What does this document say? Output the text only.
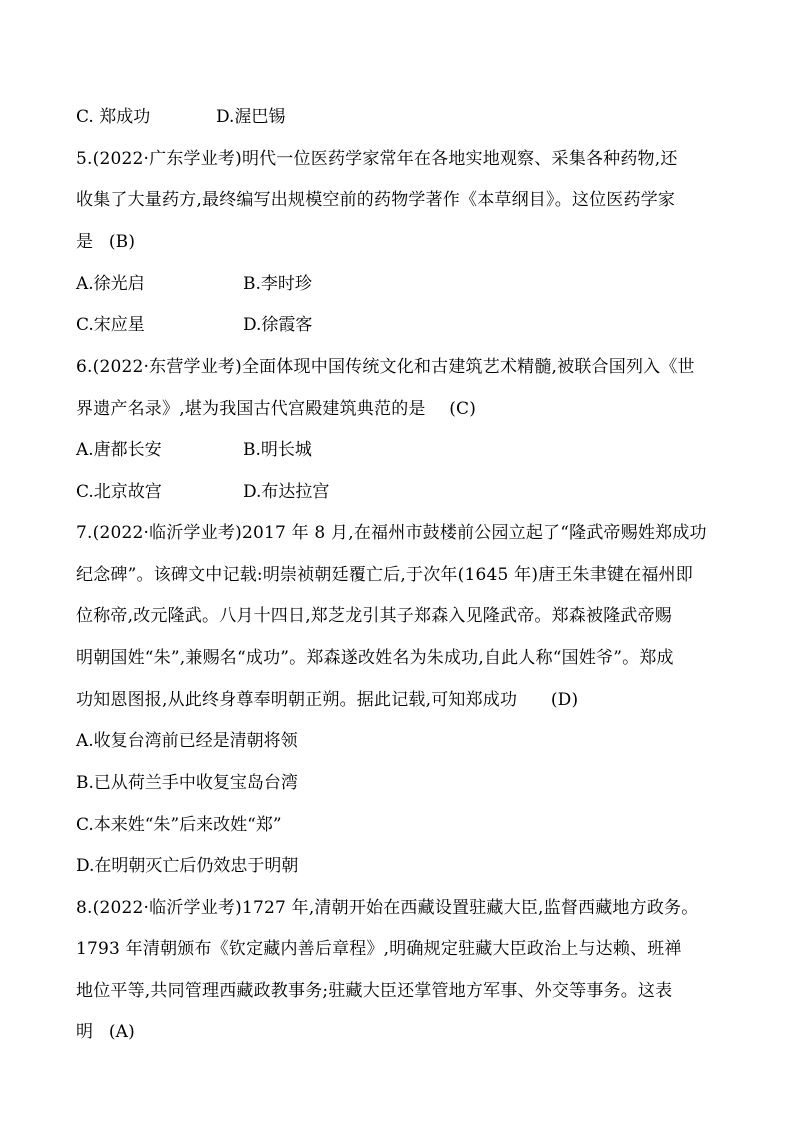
C. 郑成功	D.渥巴锡
5.(2022·广东学业考)明代一位医药学家常年在各地实地观察、采集各种药物,还
收集了大量药方,最终编写出规模空前的药物学著作《本草纲目》。这位医药学家
是 (B)
A.徐光启	B.李时珍
C.宋应星	D.徐霞客
6.(2022·东营学业考)全面体现中国传统文化和古建筑艺术精髓,被联合国列入《世
界遗产名录》,堪为我国古代宫殿建筑典范的是 (C)
A.唐都长安	B.明长城
C.北京故宫	D.布达拉宫
7.(2022·临沂学业考)2017 年 8 月,在福州市鼓楼前公园立起了“隆武帝赐姓郑成功
纪念碑”。该碑文中记载:明崇祯朝廷覆亡后,于次年(1645 年)唐王朱聿键在福州即
位称帝,改元隆武。八月十四日,郑芝龙引其子郑森入见隆武帝。郑森被隆武帝赐
明朝国姓“朱”,兼赐名“成功”。郑森遂改姓名为朱成功,自此人称“国姓爷”。郑成
功知恩图报,从此终身尊奉明朝正朔。据此记载,可知郑成功 (D)
A.收复台湾前已经是清朝将领
B.已从荷兰手中收复宝岛台湾
C.本来姓“朱”后来改姓“郑”
D.在明朝灭亡后仍效忠于明朝
8.(2022·临沂学业考)1727 年,清朝开始在西藏设置驻藏大臣,监督西藏地方政务。
1793 年清朝颁布《钦定藏内善后章程》,明确规定驻藏大臣政治上与达赖、班禅
地位平等,共同管理西藏政教事务;驻藏大臣还掌管地方军事、外交等事务。这表
明 (A)
